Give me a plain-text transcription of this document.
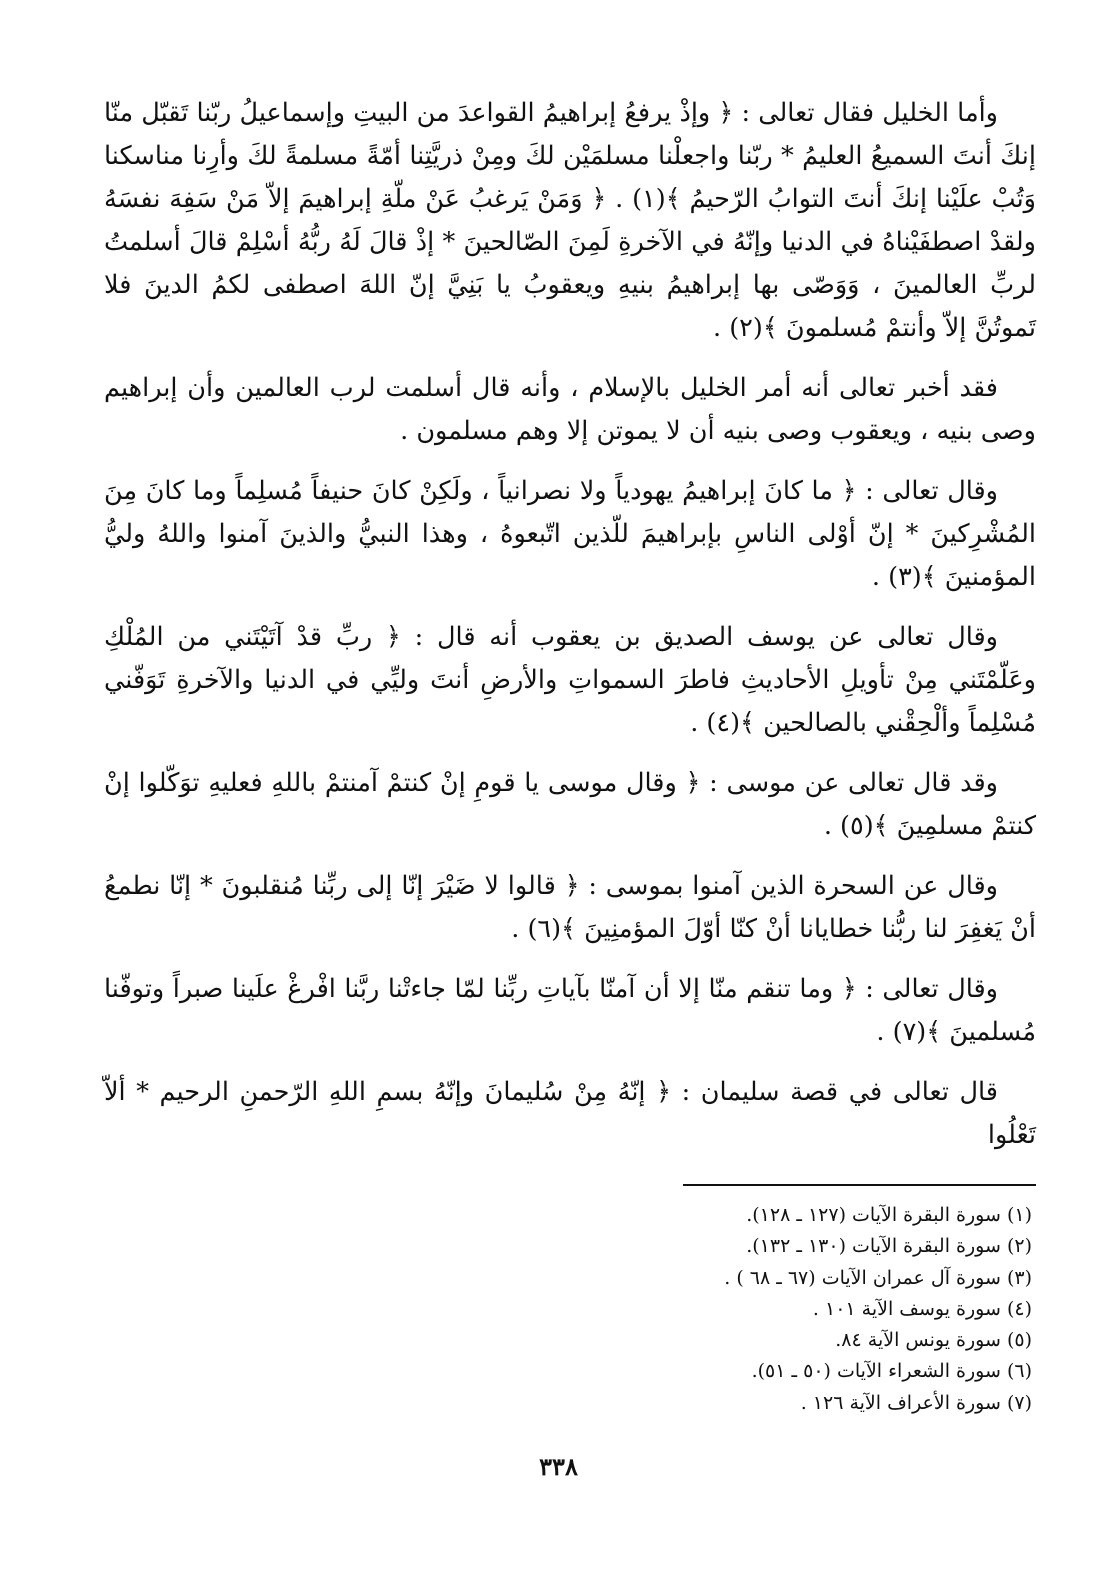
وأما الخليل فقال تعالى : ﴿ وإذْ يرفعُ إبراهيمُ القواعدَ من البيتِ وإسماعيلُ ربّنا تَقبّل منّا إنكَ أنتَ السميعُ العليمُ * ربّنا واجعلْنا مسلمَيْن لكَ ومِنْ ذريَّتِنا أمّةً مسلمةً لكَ وأرِنا مناسكنا وَتُبْ علَيْنا إنكَ أنتَ التوابُ الرّحيمُ ﴾(١) . ﴿ وَمَنْ يَرغبُ عَنْ ملّةِ إبراهيمَ إلاّ مَنْ سَفِهَ نفسَهُ ولقدْ اصطفَيْناهُ في الدنيا وإنّهُ في الآخرةِ لَمِنَ الصّالحينَ * إذْ قالَ لَهُ ربُّهُ أسْلِمْ قالَ أسلمتُ لربِّ العالمينَ ، وَوَصّى بها إبراهيمُ بنيهِ ويعقوبُ يا بَنِيَّ إنّ اللهَ اصطفى لكمُ الدينَ فلا تَموتُنَّ إلاّ وأنتمْ مُسلمونَ ﴾(٢) .

فقد أخبر تعالى أنه أمر الخليل بالإسلام ، وأنه قال أسلمت لرب العالمين وأن إبراهيم وصى بنيه ، ويعقوب وصى بنيه أن لا يموتن إلا وهم مسلمون .

وقال تعالى : ﴿ ما كانَ إبراهيمُ يهودياً ولا نصرانياً ، ولَكِنْ كانَ حنيفاً مُسلِماً وما كانَ مِنَ المُشْرِكينَ * إنّ أوْلى الناسِ بإبراهيمَ للّذين اتّبعوهُ ، وهذا النبيُّ والذينَ آمنوا واللهُ وليُّ المؤمنينَ ﴾(٣) .

وقال تعالى عن يوسف الصديق بن يعقوب أنه قال : ﴿ ربِّ قدْ آتَيْتَني من المُلْكِ وعَلّمْتَني مِنْ تأويلِ الأحاديثِ فاطرَ السمواتِ والأرضِ أنتَ وليِّي في الدنيا والآخرةِ تَوَفّني مُسْلِماً وألْحِقْني بالصالحين ﴾(٤) .

وقد قال تعالى عن موسى : ﴿ وقال موسى يا قومِ إنْ كنتمْ آمنتمْ باللهِ فعليهِ توَكّلوا إنْ كنتمْ مسلمِينَ ﴾(٥) .

وقال عن السحرة الذين آمنوا بموسى : ﴿ قالوا لا ضَيْرَ إنّا إلى ربِّنا مُنقلبونَ * إنّا نطمعُ أنْ يَغفِرَ لنا ربُّنا خطايانا أنْ كنّا أوّلَ المؤمنِينَ ﴾(٦) .

وقال تعالى : ﴿ وما تنقم منّا إلا أن آمنّا بآياتِ ربِّنا لمّا جاءتْنا ربَّنا افْرغْ علَينا صبراً وتوفّنا مُسلمينَ ﴾(٧) .

قال تعالى في قصة سليمان : ﴿ إنّهُ مِنْ سُليمانَ وإنّهُ بسمِ اللهِ الرّحمنِ الرحيم * ألاّ تَعْلُوا

(١) سورة البقرة الآيات (١٢٧ ـ ١٢٨).
(٢) سورة البقرة الآيات (١٣٠ ـ ١٣٢).
(٣) سورة آل عمران الآيات (٦٧ ـ ٦٨ ) .
(٤) سورة يوسف الآية ١٠١ .
(٥) سورة يونس الآية ٨٤.
(٦) سورة الشعراء الآيات (٥٠ ـ ٥١).
(٧) سورة الأعراف الآية ١٢٦ .
٣٣٨
